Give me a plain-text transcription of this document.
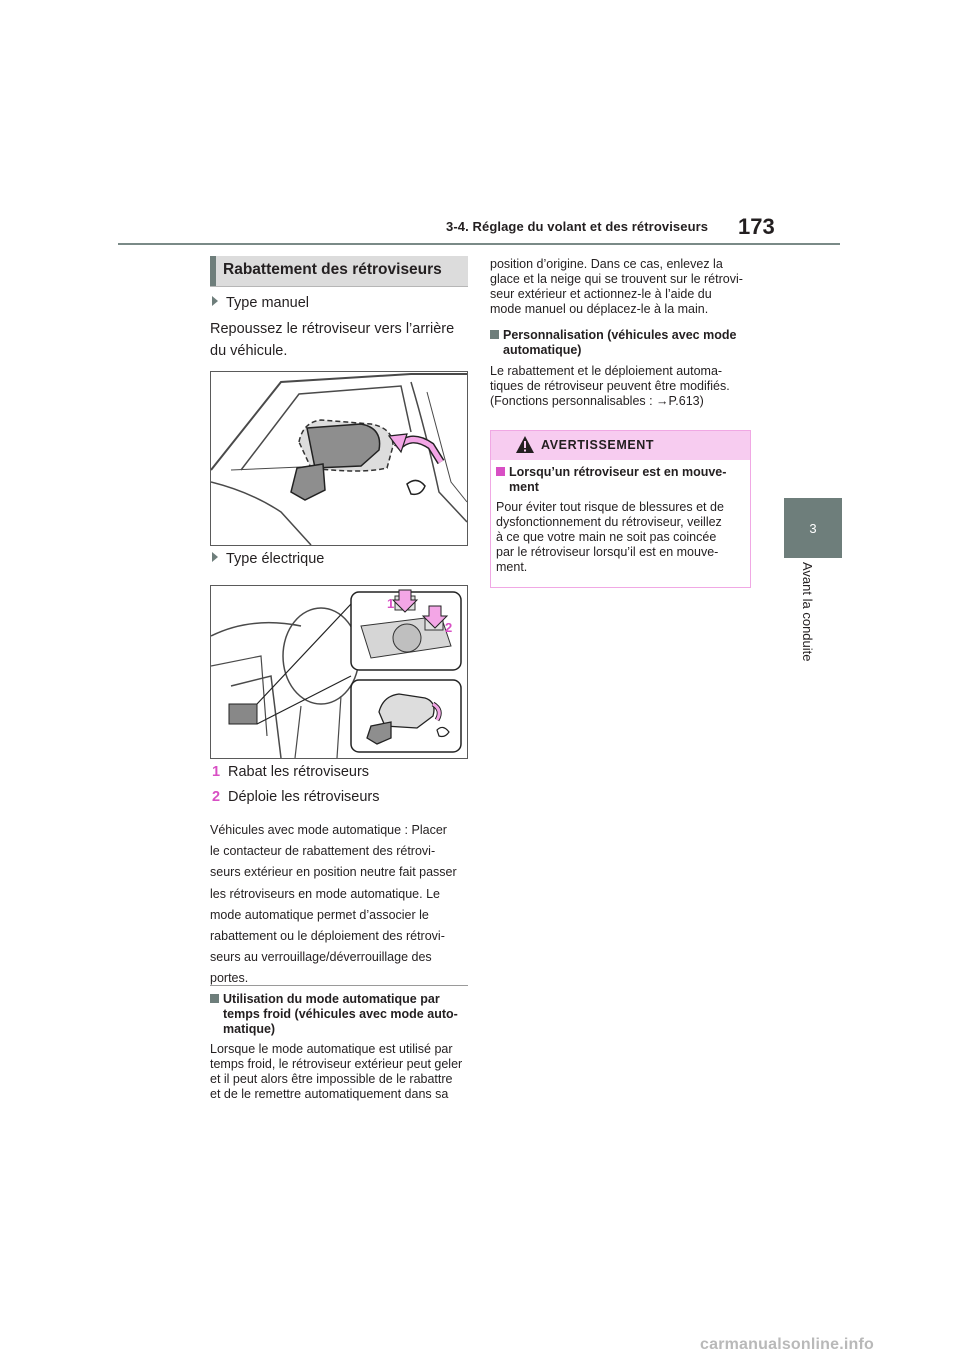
3-4. Réglage du volant et des rétroviseurs 173
3
Avant la conduite
Rabattement des rétroviseurs
Type manuel
Repoussez le rétroviseur vers l’arrière
du véhicule.
Type électrique
1
2
1 Rabat les rétroviseurs
2 Déploie les rétroviseurs
Véhicules avec mode automatique : Placer
le contacteur de rabattement des rétrovi-
seurs extérieur en position neutre fait passer
les rétroviseurs en mode automatique. Le
mode automatique permet d’associer le
rabattement ou le déploiement des rétrovi-
seurs au verrouillage/déverrouillage des
portes.
Utilisation du mode automatique par
temps froid (véhicules avec mode auto-
matique)
Lorsque le mode automatique est utilisé par
temps froid, le rétroviseur extérieur peut geler
et il peut alors être impossible de le rabattre
et de le remettre automatiquement dans sa
position d’origine. Dans ce cas, enlevez la
glace et la neige qui se trouvent sur le rétrovi-
seur extérieur et actionnez-le à l’aide du
mode manuel ou déplacez-le à la main.
Personnalisation (véhicules avec mode
automatique)
Le rabattement et le déploiement automa-
tiques de rétroviseur peuvent être modifiés.
(Fonctions personnalisables : →P.613)
AVERTISSEMENT
Lorsqu’un rétroviseur est en mouve-
ment
Pour éviter tout risque de blessures et de
dysfonctionnement du rétroviseur, veillez
à ce que votre main ne soit pas coincée
par le rétroviseur lorsqu’il est en mouve-
ment.
carmanualsonline.info
